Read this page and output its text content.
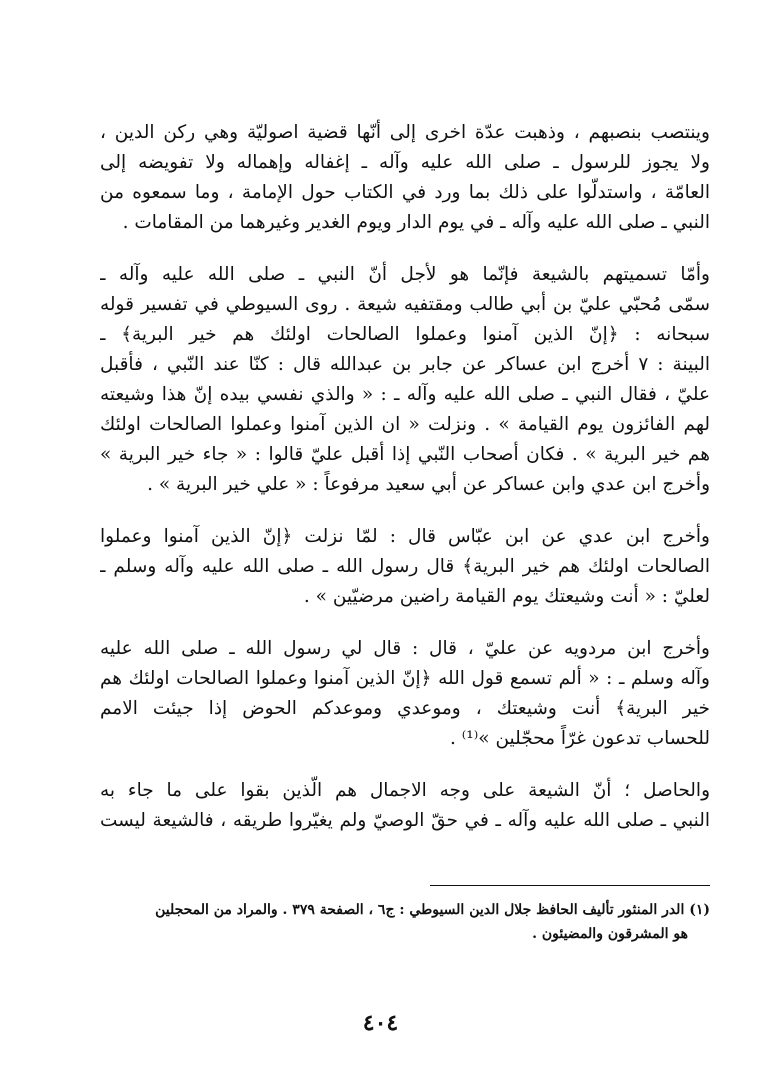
وينتصب بنصبهم ، وذهبت عدّة اخرى إلى أنّها قضية اصوليّة وهي ركن الدين ،
ولا يجوز للرسول ـ صلى الله عليه وآله ـ إغفاله وإهماله ولا تفويضه إلى
العامّة ، واستدلّوا على ذلك بما ورد في الكتاب حول الإمامة ، وما سمعوه من
النبي ـ صلى الله عليه وآله ـ في يوم الدار ويوم الغدير وغيرهما من المقامات .
وأمّا تسميتهم بالشيعة فإنّما هو لأجل أنّ النبي ـ صلى الله عليه وآله ـ
سمّى مُحبّي عليّ بن أبي طالب ومقتفيه شيعة . روى السيوطي في تفسير قوله
سبحانه : ﴿إنّ الذين آمنوا وعملوا الصالحات اولئك هم خير البرية﴾ ـ
البينة : ٧ أخرج ابن عساكر عن جابر بن عبدالله قال : كنّا عند النّبي ، فأقبل
عليّ ، فقال النبي ـ صلى الله عليه وآله ـ : « والذي نفسي بيده إنّ هذا وشيعته
لهم الفائزون يوم القيامة » . ونزلت « ان الذين آمنوا وعملوا الصالحات اولئك
هم خير البرية » . فكان أصحاب النّبي إذا أقبل عليّ قالوا : « جاء خير البرية »
وأخرج ابن عدي وابن عساكر عن أبي سعيد مرفوعاً : « علي خير البرية » .
وأخرج ابن عدي عن ابن عبّاس قال : لمّا نزلت ﴿إنّ الذين آمنوا وعملوا
الصالحات اولئك هم خير البرية﴾ قال رسول الله ـ صلى الله عليه وآله وسلم ـ
لعليّ : « أنت وشيعتك يوم القيامة راضين مرضيّين » .
وأخرج ابن مردويه عن عليّ ، قال : قال لي رسول الله ـ صلى الله عليه
وآله وسلم ـ : « ألم تسمع قول الله ﴿إنّ الذين آمنوا وعملوا الصالحات اولئك هم
خير البرية﴾ أنت وشيعتك ، وموعدي وموعدكم الحوض إذا جيئت الامم
للحساب تدعون غرّاً محجّلين »⁽¹⁾ .
والحاصل ؛ أنّ الشيعة على وجه الاجمال هم الّذين بقوا على ما جاء به
النبي ـ صلى الله عليه وآله ـ في حقّ الوصيّ ولم يغيّروا طريقه ، فالشيعة ليست
(١) الدر المنثور تأليف الحافظ جلال الدين السيوطي : ج٦ ، الصفحة ٣٧٩ . والمراد من المحجلين
هو المشرقون والمضيئون .
٤٠٤
